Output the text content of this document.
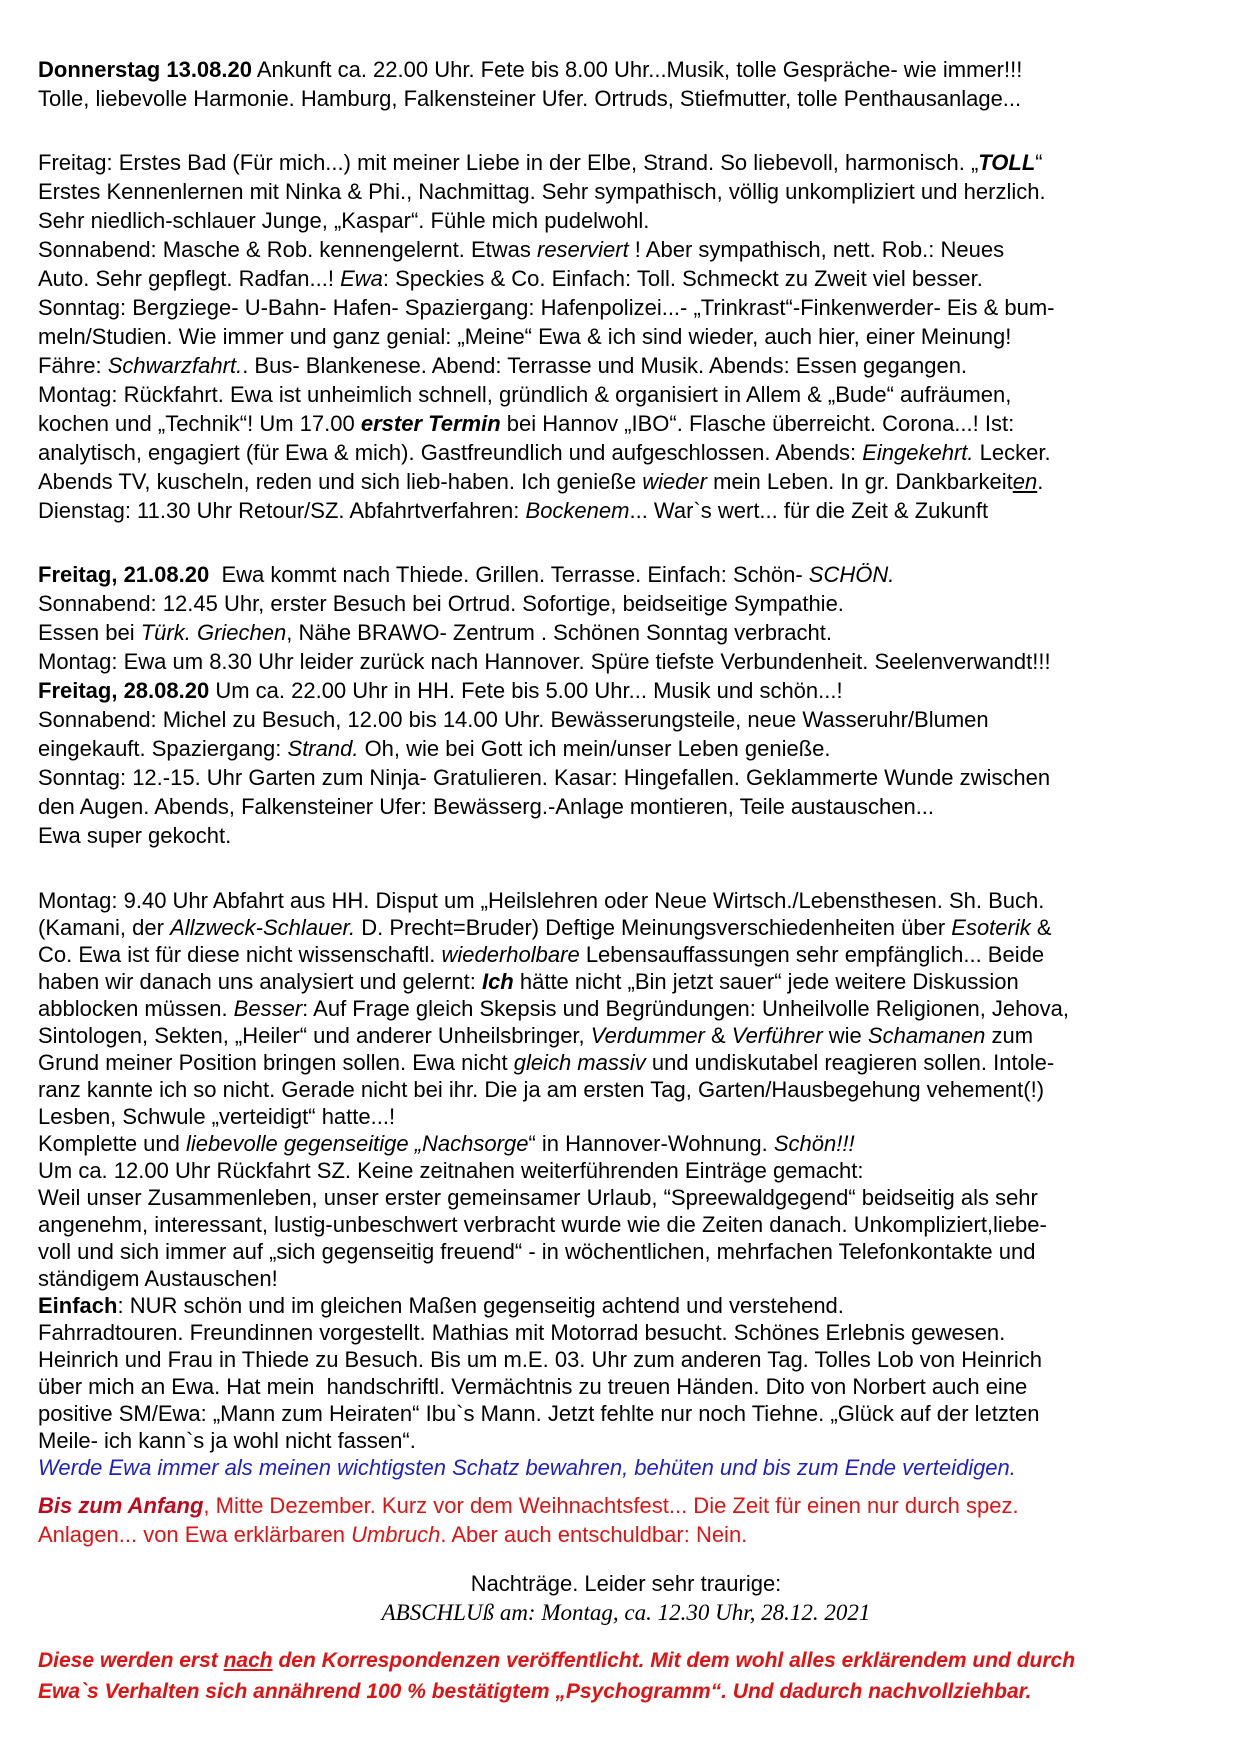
Donnerstag 13.08.20 Ankunft ca. 22.00 Uhr. Fete bis 8.00 Uhr...Musik, tolle Gespräche- wie immer!!!
Tolle, liebevolle Harmonie. Hamburg, Falkensteiner Ufer. Ortruds, Stiefmutter, tolle Penthausanlage...
Freitag: Erstes Bad (Für mich...) mit meiner Liebe in der Elbe, Strand. So liebevoll, harmonisch. „TOLL“
Erstes Kennenlernen mit Ninka & Phi., Nachmittag. Sehr sympathisch, völlig unkompliziert und herzlich.
Sehr niedlich-schlauer Junge, „Kaspar“. Fühle mich pudelwohl.
Sonnabend: Masche & Rob. kennengelernt. Etwas reserviert ! Aber sympathisch, nett. Rob.: Neues
Auto. Sehr gepflegt. Radfan...! Ewa: Speckies & Co. Einfach: Toll. Schmeckt zu Zweit viel besser.
Sonntag: Bergziege- U-Bahn- Hafen- Spaziergang: Hafenpolizei...- „Trinkrast“-Finkenwerder- Eis & bum-
meln/Studien. Wie immer und ganz genial: „Meine“ Ewa & ich sind wieder, auch hier, einer Meinung!
Fähre: Schwarzfahrt.. Bus- Blankenese. Abend: Terrasse und Musik. Abends: Essen gegangen.
Montag: Rückfahrt. Ewa ist unheimlich schnell, gründlich & organisiert in Allem & „Bude“ aufräumen,
kochen und „Technik“! Um 17.00 erster Termin bei Hannov „IBO“. Flasche überreicht. Corona...! Ist:
analytisch, engagiert (für Ewa & mich). Gastfreundlich und aufgeschlossen. Abends: Eingekehrt. Lecker.
Abends TV, kuscheln, reden und sich lieb-haben. Ich genieße wieder mein Leben. In gr. Dankbarkeiten.
Dienstag: 11.30 Uhr Retour/SZ. Abfahrtverfahren: Bockenem... War`s wert... für die Zeit & Zukunft
Freitag, 21.08.20  Ewa kommt nach Thiede. Grillen. Terrasse. Einfach: Schön- SCHÖN.
Sonnabend: 12.45 Uhr, erster Besuch bei Ortrud. Sofortige, beidseitige Sympathie.
Essen bei Türk. Griechen, Nähe BRAWO- Zentrum . Schönen Sonntag verbracht.
Montag: Ewa um 8.30 Uhr leider zurück nach Hannover. Spüre tiefste Verbundenheit. Seelenverwandt!!!
Freitag, 28.08.20 Um ca. 22.00 Uhr in HH. Fete bis 5.00 Uhr... Musik und schön...!
Sonnabend: Michel zu Besuch, 12.00 bis 14.00 Uhr. Bewässerungsteile, neue Wasseruhr/Blumen
eingekauft. Spaziergang: Strand. Oh, wie bei Gott ich mein/unser Leben genieße.
Sonntag: 12.-15. Uhr Garten zum Ninja- Gratulieren. Kasar: Hingefallen. Geklammerte Wunde zwischen
den Augen. Abends, Falkensteiner Ufer: Bewässerg.-Anlage montieren, Teile austauschen...
Ewa super gekocht.
Montag: 9.40 Uhr Abfahrt aus HH. Disput um „Heilslehren oder Neue Wirtsch./Lebensthesen. Sh. Buch.
(Kamani, der Allzweck-Schlauer. D. Precht=Bruder) Deftige Meinungsverschiedenheiten über Esoterik &
Co. Ewa ist für diese nicht wissenschaftl. wiederholbare Lebensauffassungen sehr empfänglich... Beide
haben wir danach uns analysiert und gelernt: Ich hätte nicht „Bin jetzt sauer“ jede weitere Diskussion
abblocken müssen. Besser: Auf Frage gleich Skepsis und Begründungen: Unheilvolle Religionen, Jehova,
Sintologen, Sekten, „Heiler“ und anderer Unheilsbringer, Verdummer & Verführer wie Schamanen zum
Grund meiner Position bringen sollen. Ewa nicht gleich massiv und undiskutabel reagieren sollen. Intole-
ranz kannte ich so nicht. Gerade nicht bei ihr. Die ja am ersten Tag, Garten/Hausbegehung vehement(!)
Lesben, Schwule „verteidigt“ hatte...!
Komplette und liebevolle gegenseitige „Nachsorge“ in Hannover-Wohnung. Schön!!!
Um ca. 12.00 Uhr Rückfahrt SZ. Keine zeitnahen weiterführenden Einträge gemacht:
Weil unser Zusammenleben, unser erster gemeinsamer Urlaub, “Spreewaldgegend“ beidseitig als sehr
angenehm, interessant, lustig-unbeschwert verbracht wurde wie die Zeiten danach. Unkompliziert,liebe-
voll und sich immer auf „sich gegenseitig freuend“ - in wöchentlichen, mehrfachen Telefonkontakte und
ständigem Austauschen!
Einfach: NUR schön und im gleichen Maßen gegenseitig achtend und verstehend.
Fahrradtouren. Freundinnen vorgestellt. Mathias mit Motorrad besucht. Schönes Erlebnis gewesen.
Heinrich und Frau in Thiede zu Besuch. Bis um m.E. 03. Uhr zum anderen Tag. Tolles Lob von Heinrich
über mich an Ewa. Hat mein  handschriftl. Vermächtnis zu treuen Händen. Dito von Norbert auch eine
positive SM/Ewa: „Mann zum Heiraten“ Ibu`s Mann. Jetzt fehlte nur noch Tiehne. „Glück auf der letzten
Meile- ich kann`s ja wohl nicht fassen“.
Werde Ewa immer als meinen wichtigsten Schatz bewahren, behüten und bis zum Ende verteidigen.
Bis zum Anfang, Mitte Dezember. Kurz vor dem Weihnachtsfest... Die Zeit für einen nur durch spez.
Anlagen... von Ewa erklärbaren Umbruch. Aber auch entschuldbar: Nein.
Nachträge. Leider sehr traurige:
ABSCHLUß am: Montag, ca. 12.30 Uhr, 28.12. 2021
Diese werden erst nach den Korrespondenzen veröffentlicht. Mit dem wohl alles erklärendem und durch
Ewa`s Verhalten sich annährend 100 % bestätigtem „Psychogramm“. Und dadurch nachvollziehbar.
